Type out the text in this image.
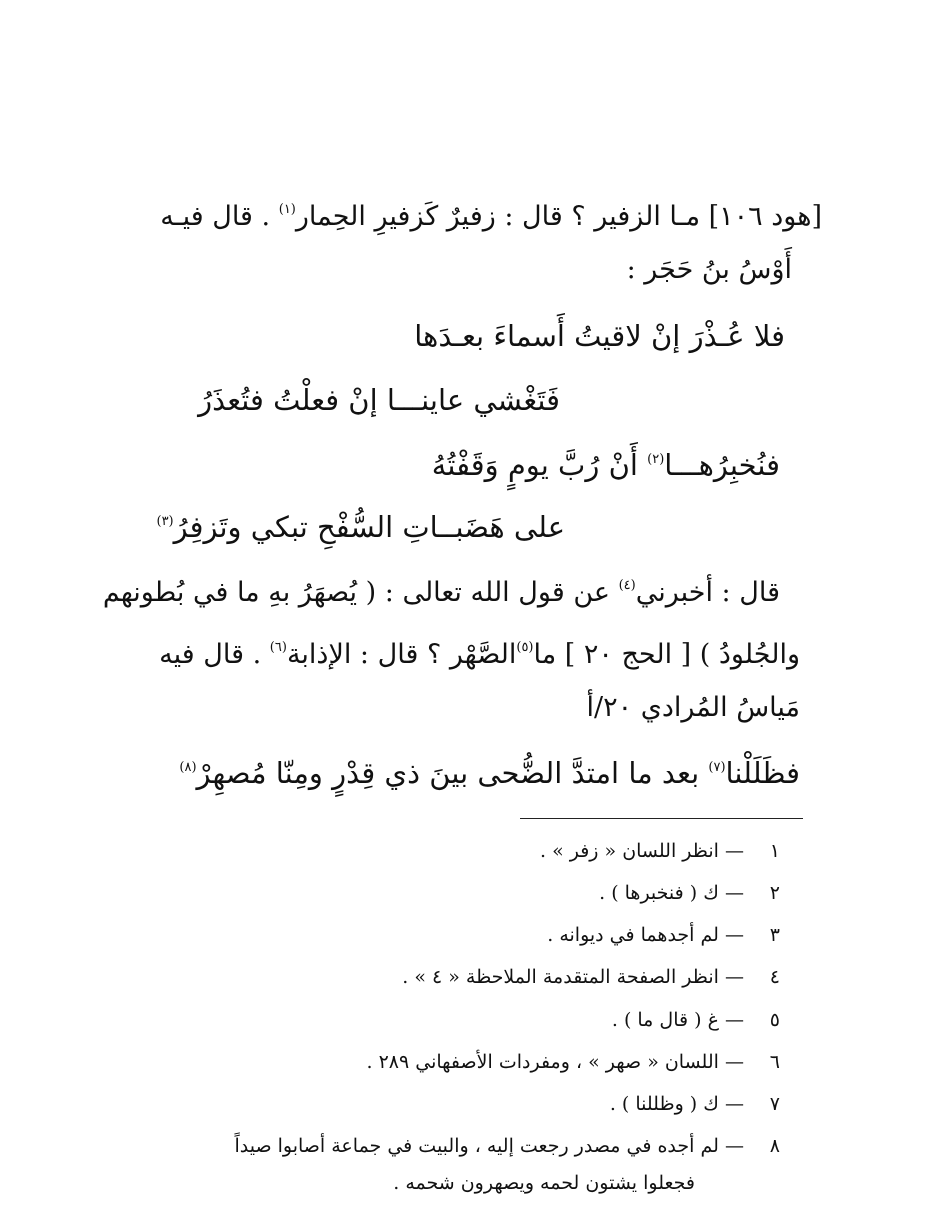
[هود ١٠٦] مـا الزفير ؟ قال : زفيرٌ كَزفيرِ الحِمار$^{(١)}$ . قال فيـه
أَوْسُ بنُ حَجَر :
فلا عُـذْرَ إنْ لاقيتُ أَسماءَ بعـدَها
فَتَغْشي عاينـــا إنْ فعلْتُ فتُعذَرُ
فنُخبِرُهـــا$^{(٢)}$ أَنْ رُبَّ يومٍ وَقَفْتُهُ
على هَضَبــاتِ السُّفْحِ تبكي وتَزفِرُ$^{(٣)}$
قال : أخبرني$^{(٤)}$ عن قول الله تعالى : ( يُصهَرُ بهِ ما في بُطونهم
والجُلودُ ) [ الحج ٢٠ ] ما$^{(٥)}$الصَّهْر ؟ قال : الإذابة$^{(٦)}$ . قال فيه
مَياسُ المُرادي ٢٠/أ
فظَلَلْنا$^{(٧)}$ بعد ما امتدَّ الضُّحى بينَ ذي قِدْرٍ ومِنّا مُصهِرْ$^{(٨)}$
١ — انظر اللسان « زفر » .
٢ — ك ( فنخبرها ) .
٣ — لم أجدهما في ديوانه .
٤ — انظر الصفحة المتقدمة الملاحظة « ٤ » .
٥ — غ ( قال ما ) .
٦ — اللسان « صهر » ، ومفردات الأصفهاني ٢٨٩ .
٧ — ك ( وظللنا ) .
٨ — لم أجده في مصدر رجعت إليه ، والبيت في جماعة أصابوا صيداً
فجعلوا يشتون لحمه ويصهرون شحمه .
